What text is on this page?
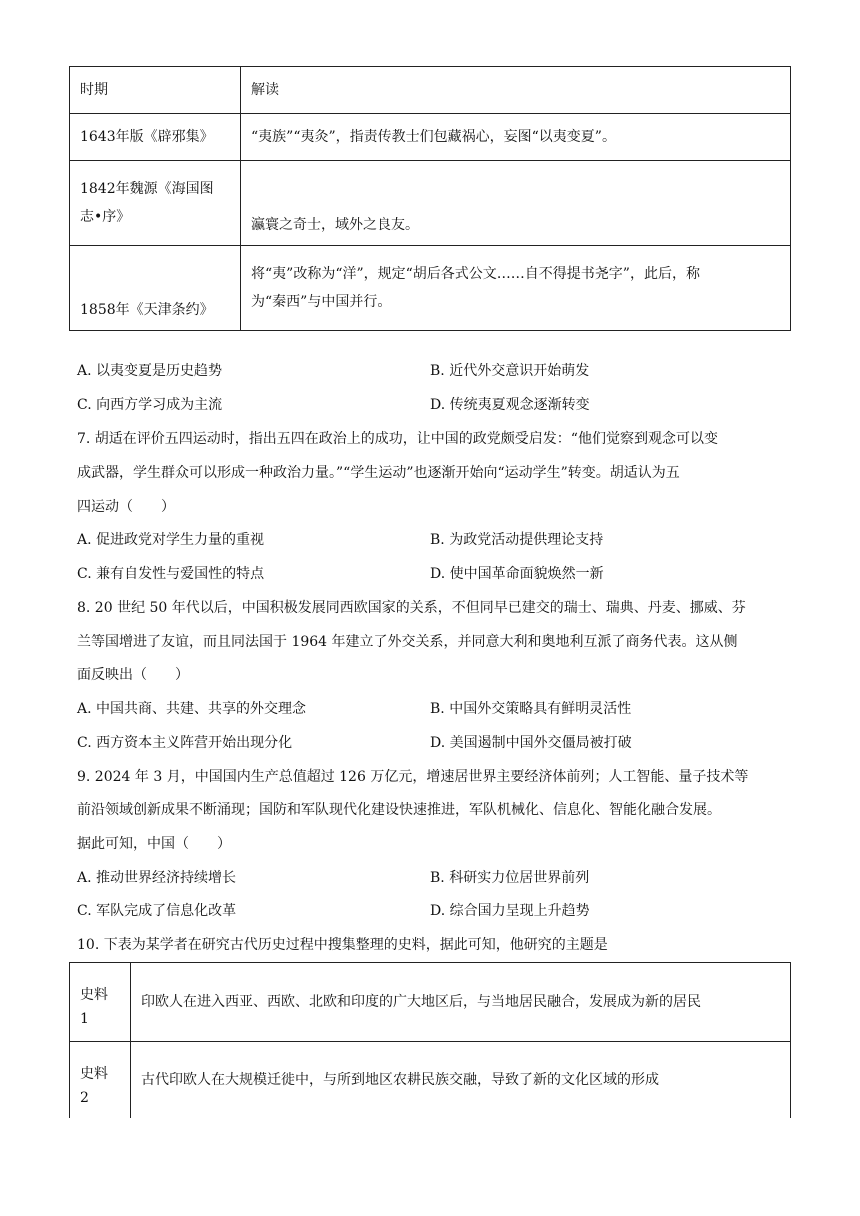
时期	解读
1643年版《辟邪集》	“夷族”“夷灸”，指责传教士们包藏祸心，妄图“以夷变夏”。

1842年魏源《海国图
志•序》	瀛寰之奇士，域外之良友。
1858年《天津条约》	将“夷”改称为“洋”，规定“胡后各式公文……自不得提书尧字”，此后，称
为“秦西”与中国并行。
A. 以夷变夏是历史趋势	B. 近代外交意识开始萌发
C. 向西方学习成为主流	D. 传统夷夏观念逐渐转变
7. 胡适在评价五四运动时，指出五四在政治上的成功，让中国的政党颇受启发：“他们觉察到观念可以变
成武器，学生群众可以形成一种政治力量。”“学生运动”也逐渐开始向“运动学生”转变。胡适认为五
四运动（　　）
A. 促进政党对学生力量的重视	B. 为政党活动提供理论支持
C. 兼有自发性与爱国性的特点	D. 使中国革命面貌焕然一新
8. 20 世纪 50 年代以后，中国积极发展同西欧国家的关系，不但同早已建交的瑞士、瑞典、丹麦、挪威、芬
兰等国增进了友谊，而且同法国于 1964 年建立了外交关系，并同意大利和奥地利互派了商务代表。这从侧
面反映出（　　）
A. 中国共商、共建、共享的外交理念	B. 中国外交策略具有鲜明灵活性
C. 西方资本主义阵营开始出现分化	D. 美国遏制中国外交僵局被打破
9. 2024 年 3 月，中国国内生产总值超过 126 万亿元，增速居世界主要经济体前列；人工智能、量子技术等
前沿领域创新成果不断涌现；国防和军队现代化建设快速推进，军队机械化、信息化、智能化融合发展。
据此可知，中国（　　）
A. 推动世界经济持续增长	B. 科研实力位居世界前列
C. 军队完成了信息化改革	D. 综合国力呈现上升趋势
10. 下表为某学者在研究古代历史过程中搜集整理的史料，据此可知，他研究的主题是
史料 1	印欧人在进入西亚、西欧、北欧和印度的广大地区后，与当地居民融合，发展成为新的居民
史料 2	古代印欧人在大规模迁徙中，与所到地区农耕民族交融，导致了新的文化区域的形成
